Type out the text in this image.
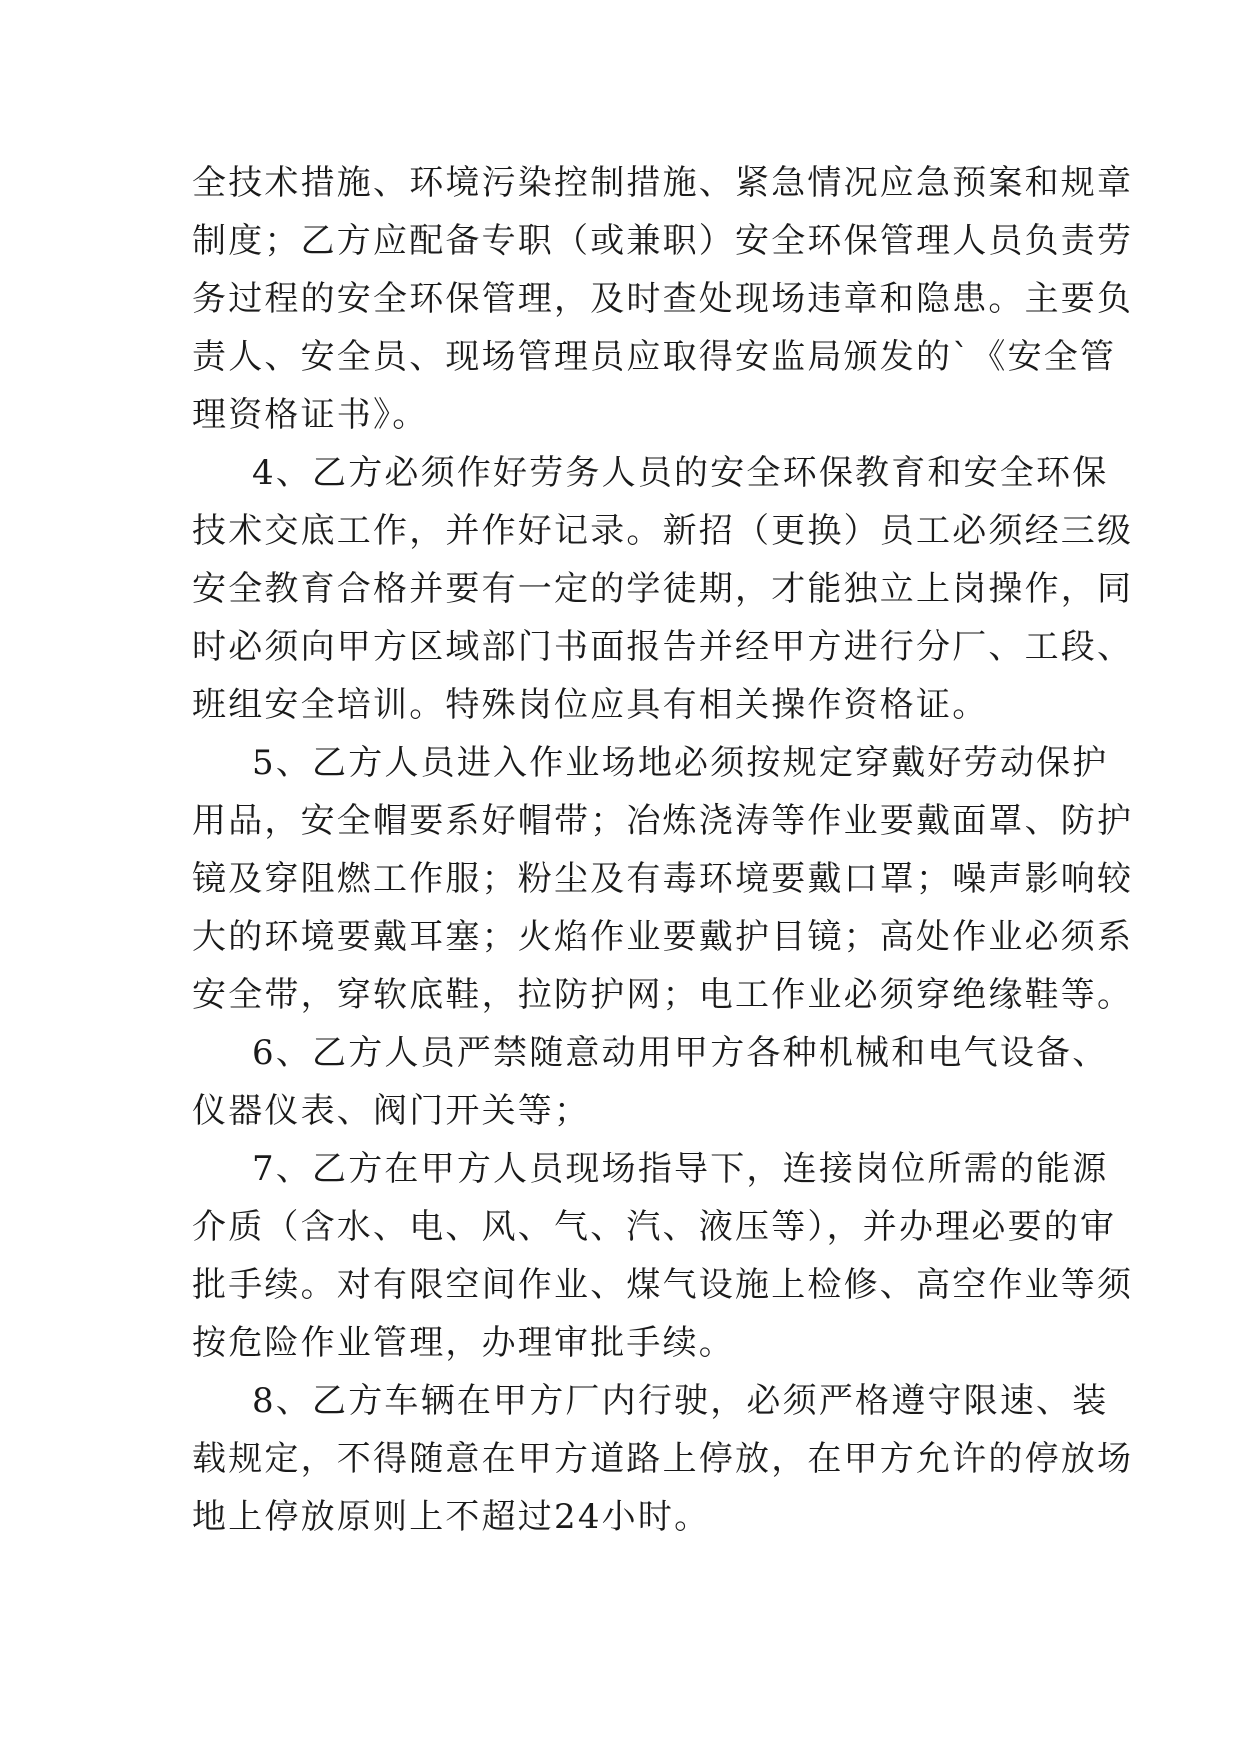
全技术措施、环境污染控制措施、紧急情况应急预案和规章

制度；乙方应配备专职（或兼职）安全环保管理人员负责劳

务过程的安全环保管理，及时查处现场违章和隐患。主要负

责人、安全员、现场管理员应取得安监局颁发的`《安全管

理资格证书》。

4、乙方必须作好劳务人员的安全环保教育和安全环保

技术交底工作，并作好记录。新招（更换）员工必须经三级

安全教育合格并要有一定的学徒期，才能独立上岗操作，同

时必须向甲方区域部门书面报告并经甲方进行分厂、工段、

班组安全培训。特殊岗位应具有相关操作资格证。

5、乙方人员进入作业场地必须按规定穿戴好劳动保护

用品，安全帽要系好帽带；冶炼浇涛等作业要戴面罩、防护

镜及穿阻燃工作服；粉尘及有毒环境要戴口罩；噪声影响较

大的环境要戴耳塞；火焰作业要戴护目镜；高处作业必须系

安全带，穿软底鞋，拉防护网；电工作业必须穿绝缘鞋等。

6、乙方人员严禁随意动用甲方各种机械和电气设备、

仪器仪表、阀门开关等；

7、乙方在甲方人员现场指导下，连接岗位所需的能源

介质（含水、电、风、气、汽、液压等），并办理必要的审

批手续。对有限空间作业、煤气设施上检修、高空作业等须

按危险作业管理，办理审批手续。

8、乙方车辆在甲方厂内行驶，必须严格遵守限速、装

载规定，不得随意在甲方道路上停放，在甲方允许的停放场

地上停放原则上不超过24小时。
